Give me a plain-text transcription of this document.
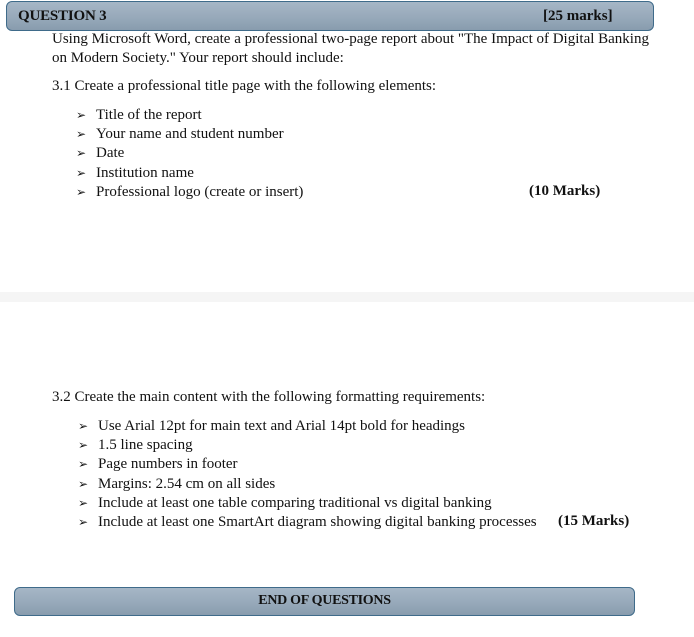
QUESTION 3	[25 marks]
Using Microsoft Word, create a professional two-page report about "The Impact of Digital Banking
on Modern Society." Your report should include:
3.1 Create a professional title page with the following elements:
➢ Title of the report
➢ Your name and student number
➢ Date
➢ Institution name
➢ Professional logo (create or insert)	(10 Marks)
3.2 Create the main content with the following formatting requirements:
➢ Use Arial 12pt for main text and Arial 14pt bold for headings
➢ 1.5 line spacing
➢ Page numbers in footer
➢ Margins: 2.54 cm on all sides
➢ Include at least one table comparing traditional vs digital banking
➢ Include at least one SmartArt diagram showing digital banking processes (15 Marks)
END OF QUESTIONS
